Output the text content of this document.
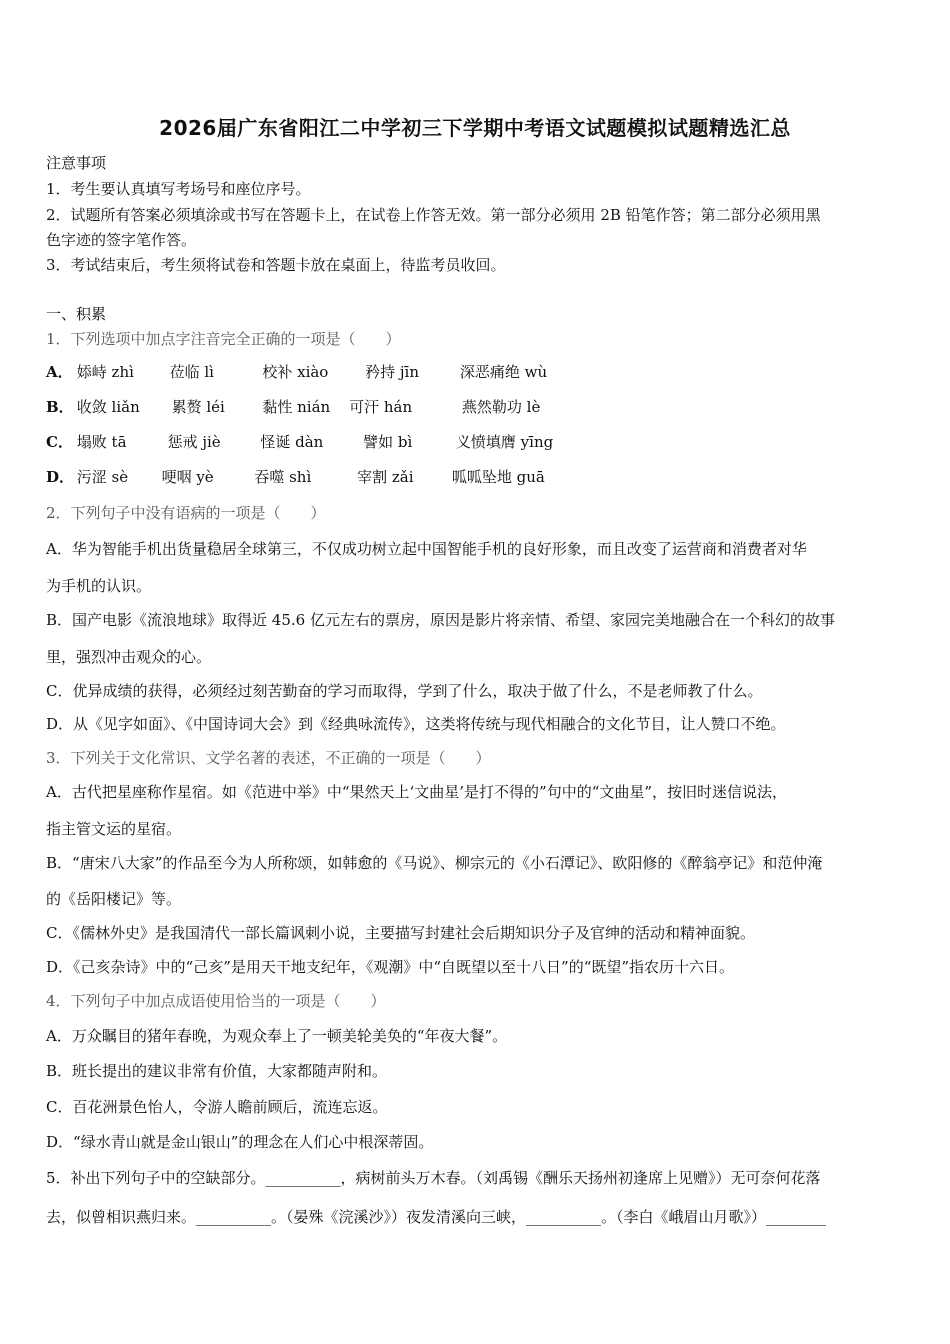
2026届广东省阳江二中学初三下学期中考语文试题模拟试题精选汇总
注意事项
1．考生要认真填写考场号和座位序号。
2．试题所有答案必须填涂或书写在答题卡上，在试卷上作答无效。第一部分必须用 2B 铅笔作答；第二部分必须用黑
色字迹的签字笔作答。
3．考试结束后，考生须将试卷和答题卡放在桌面上，待监考员收回。
一、积累
1．下列选项中加点字注音完全正确的一项是（　　）
A． 婖峙 zhì 莅临 lì	校补 xiào 矜持 jīn	深恶痛绝 wù
B． 收敛 liǎn 累赘 léi	黏性 nián 可汗 hán	燕然勒功 lè
C． 塌败 tā	惩戒 jiè	怪诞 dàn	譬如 bì	义愤填膺 yīng
D． 污涩 sè 哽咽 yè	吞噬 shì	宰割 zǎi	呱呱坠地 guā
2．下列句子中没有语病的一项是（　　）
A．华为智能手机出货量稳居全球第三，不仅成功树立起中国智能手机的良好形象，而且改变了运营商和消费者对华
为手机的认识。
B．国产电影《流浪地球》取得近 45.6 亿元左右的票房，原因是影片将亲情、希望、家园完美地融合在一个科幻的故事
里，强烈冲击观众的心。
C．优异成绩的获得，必须经过刻苦勤奋的学习而取得，学到了什么，取决于做了什么，不是老师教了什么。
D．从《见字如面》、《中国诗词大会》到《经典咏流传》，这类将传统与现代相融合的文化节目，让人赞口不绝。
3．下列关于文化常识、文学名著的表述，不正确的一项是（　　）
A．古代把星座称作星宿。如《范进中举》中“果然天上‘文曲星’是打不得的”句中的“文曲星”，按旧时迷信说法，
指主管文运的星宿。
B．“唐宋八大家”的作品至今为人所称颂，如韩愈的《马说》、柳宗元的《小石潭记》、欧阳修的《醉翁亭记》和范仲淹
的《岳阳楼记》等。
C．《儒林外史》是我国清代一部长篇讽刺小说，主要描写封建社会后期知识分子及官绅的活动和精神面貌。
D．《己亥杂诗》中的“己亥”是用天干地支纪年，《观潮》中“自既望以至十八日”的“既望”指农历十六日。
4．下列句子中加点成语使用恰当的一项是（　　）
A．万众瞩目的猪年春晚，为观众奉上了一顿美轮美奂的“年夜大餐”。
B．班长提出的建议非常有价值，大家都随声附和。
C．百花洲景色怡人，令游人瞻前顾后，流连忘返。
D．“绿水青山就是金山银山”的理念在人们心中根深蒂固。
5．补出下列句子中的空缺部分。__________，病树前头万木春。（刘禹锡《酬乐天扬州初逢席上见赠》）无可奈何花落
去，似曾相识燕归来。__________。（晏殊《浣溪沙》）夜发清溪向三峡，__________。（李白《峨眉山月歌》）________
